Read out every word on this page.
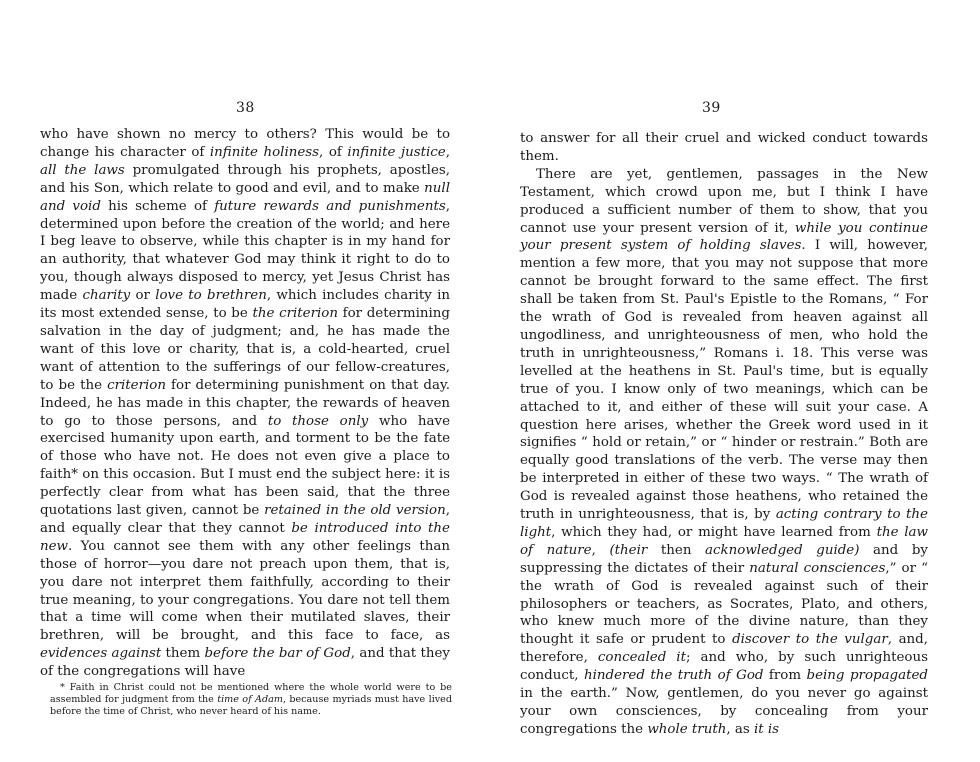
38

who have shown no mercy to others? This would be to change his character of infinite holiness, of infinite justice, all the laws promulgated through his prophets, apostles, and his Son, which relate to good and evil, and to make null and void his scheme of future rewards and punishments, determined upon before the creation of the world; and here I beg leave to observe, while this chapter is in my hand for an authority, that whatever God may think it right to do to you, though always disposed to mercy, yet Jesus Christ has made charity or love to brethren, which includes charity in its most extended sense, to be the criterion for determining salvation in the day of judgment; and, he has made the want of this love or charity, that is, a cold-hearted, cruel want of attention to the sufferings of our fellow-creatures, to be the criterion for determining punishment on that day. Indeed, he has made in this chapter, the rewards of heaven to go to those persons, and to those only who have exercised humanity upon earth, and torment to be the fate of those who have not. He does not even give a place to faith* on this occasion. But I must end the subject here: it is perfectly clear from what has been said, that the three quotations last given, cannot be retained in the old version, and equally clear that they cannot be introduced into the new. You cannot see them with any other feelings than those of horror—you dare not preach upon them, that is, you dare not interpret them faithfully, according to their true meaning, to your congregations. You dare not tell them that a time will come when their mutilated slaves, their brethren, will be brought, and this face to face, as evidences against them before the bar of God, and that they of the congregations will have

* Faith in Christ could not be mentioned where the whole world were to be assembled for judgment from the time of Adam, because myriads must have lived before the time of Christ, who never heard of his name.
39

to answer for all their cruel and wicked conduct towards them.

There are yet, gentlemen, passages in the New Testament, which crowd upon me, but I think I have produced a sufficient number of them to show, that you cannot use your present version of it, while you continue your present system of holding slaves. I will, however, mention a few more, that you may not suppose that more cannot be brought forward to the same effect. The first shall be taken from St. Paul's Epistle to the Romans, “ For the wrath of God is revealed from heaven against all ungodliness, and unrighteousness of men, who hold the truth in unrighteousness,” Romans i. 18. This verse was levelled at the heathens in St. Paul's time, but is equally true of you. I know only of two meanings, which can be attached to it, and either of these will suit your case. A question here arises, whether the Greek word used in it signifies “ hold or retain,” or “ hinder or restrain.” Both are equally good translations of the verb. The verse may then be interpreted in either of these two ways. “ The wrath of God is revealed against those heathens, who retained the truth in unrighteousness, that is, by acting contrary to the light, which they had, or might have learned from the law of nature, (their then acknowledged guide) and by suppressing the dictates of their natural consciences,” or “ the wrath of God is revealed against such of their philosophers or teachers, as Socrates, Plato, and others, who knew much more of the divine nature, than they thought it safe or prudent to discover to the vulgar, and, therefore, concealed it; and who, by such unrighteous conduct, hindered the truth of God from being propagated in the earth.” Now, gentlemen, do you never go against your own consciences, by concealing from your congregations the whole truth, as it is
